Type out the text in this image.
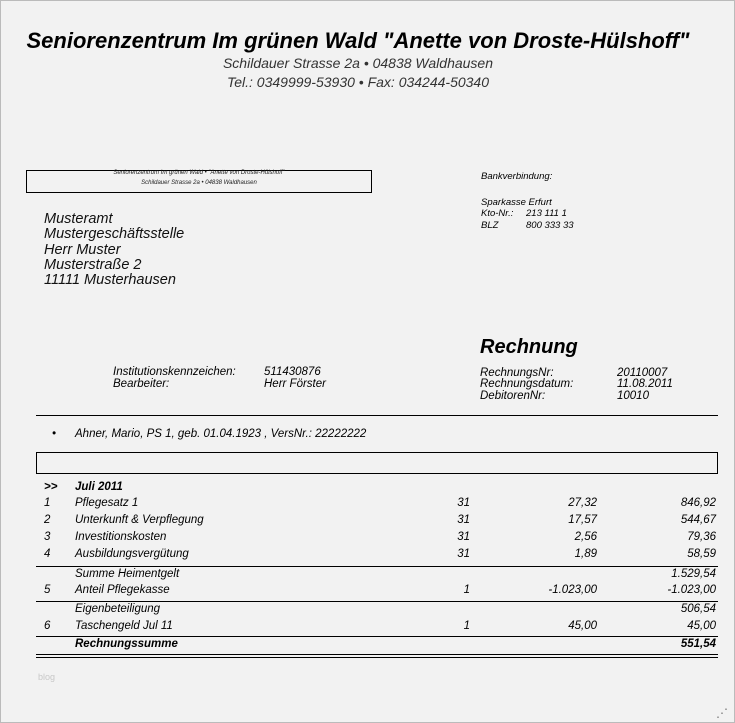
Seniorenzentrum Im grünen Wald "Anette von Droste-Hülshoff"
Schildauer Strasse 2a • 04838 Waldhausen
Tel.: 0349999-53930 • Fax: 034244-50340
Seniorenzentrum Im grünen Wald • "Anette von Droste-Hülshoff"
Schildauer Strasse 2a • 04838 Waldhausen
Bankverbindung:
Sparkasse Erfurt
Kto-Nr.: 213 111 1
BLZ	800 333 33
Musteramt
Mustergeschäftsstelle
Herr Muster
Musterstraße 2
11111 Musterhausen
Rechnung
Institutionskennzeichen: 511430876
Bearbeiter:	Herr Förster
RechnungsNr:	20110007
Rechnungsdatum:	11.08.2011
DebitorenNr:	10010
• Ahner, Mario, PS 1, geb. 01.04.1923 , VersNr.: 22222222
>>	Juli 2011
1	Pflegesatz 1	31	27,32	846,92
2	Unterkunft & Verpflegung	31	17,57	544,67
3	Investitionskosten	31	2,56	79,36
4	Ausbildungsvergütung	31	1,89	58,59
Summe Heimentgelt	1.529,54
5	Anteil Pflegekasse	1	-1.023,00	-1.023,00
Eigenbeteiligung	506,54
6	Taschengeld Jul 11	1	45,00	45,00
Rechnungssumme	551,54
blog
⋰
